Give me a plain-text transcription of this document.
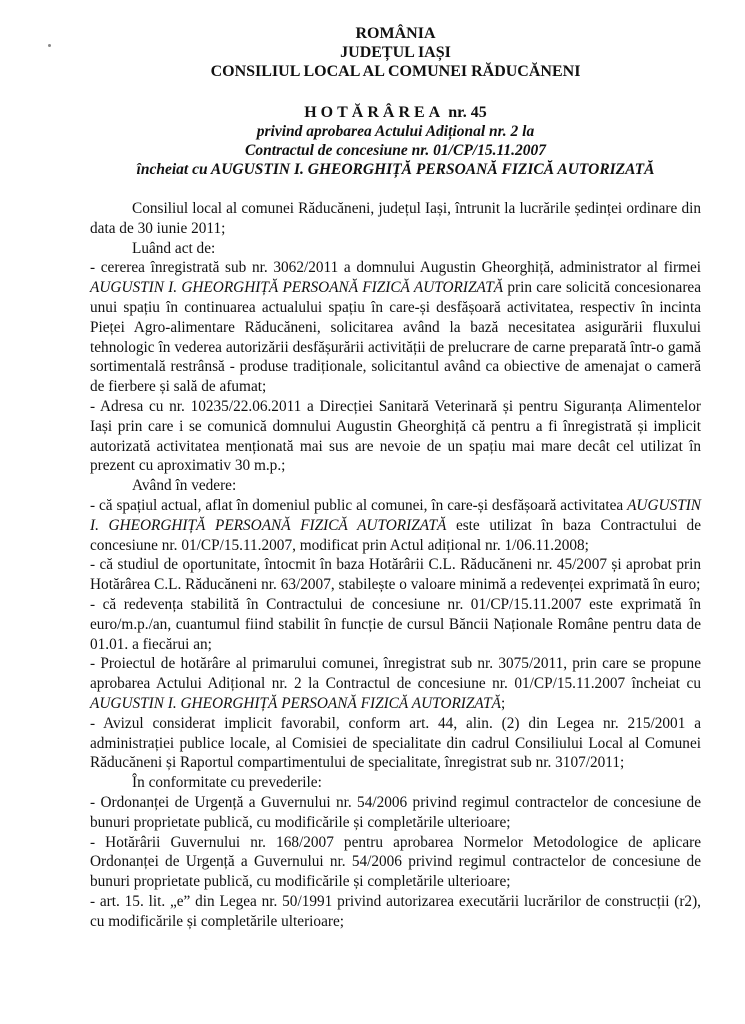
ROMÂNIA
JUDEȚUL IAȘI
CONSILIUL LOCAL AL COMUNEI RĂDUCĂNENI
HOTĂRÂREA nr. 45
privind aprobarea Actului Adițional nr. 2 la
Contractul de concesiune nr. 01/CP/15.11.2007
încheiat cu AUGUSTIN I. GHEORGHIȚĂ PERSOANĂ FIZICĂ AUTORIZATĂ

Consiliul local al comunei Răducăneni, județul Iași, întrunit la lucrările ședinței ordinare din data de 30 iunie 2011;

Luând act de:

- cererea înregistrată sub nr. 3062/2011 a domnului Augustin Gheorghiță, administrator al firmei AUGUSTIN I. GHEORGHIȚĂ PERSOANĂ FIZICĂ AUTORIZATĂ prin care solicită concesionarea unui spațiu în continuarea actualului spațiu în care-și desfășoară activitatea, respectiv în incinta Pieței Agro-alimentare Răducăneni, solicitarea având la bază necesitatea asigurării fluxului tehnologic în vederea autorizării desfășurării activității de prelucrare de carne preparată într-o gamă sortimentală restrânsă - produse tradiționale, solicitantul având ca obiective de amenajat o cameră de fierbere și sală de afumat;

- Adresa cu nr. 10235/22.06.2011 a Direcției Sanitară Veterinară și pentru Siguranța Alimentelor Iași prin care i se comunică domnului Augustin Gheorghiță că pentru a fi înregistrată și implicit autorizată activitatea menționată mai sus are nevoie de un spațiu mai mare decât cel utilizat în prezent cu aproximativ 30 m.p.;

Având în vedere:

- că spațiul actual, aflat în domeniul public al comunei, în care-și desfășoară activitatea AUGUSTIN I. GHEORGHIȚĂ PERSOANĂ FIZICĂ AUTORIZATĂ este utilizat în baza Contractului de concesiune nr. 01/CP/15.11.2007, modificat prin Actul adițional nr. 1/06.11.2008;

- că studiul de oportunitate, întocmit în baza Hotărârii C.L. Răducăneni nr. 45/2007 și aprobat prin Hotărârea C.L. Răducăneni nr. 63/2007, stabilește o valoare minimă a redevenței exprimată în euro;

- că redevența stabilită în Contractului de concesiune nr. 01/CP/15.11.2007 este exprimată în euro/m.p./an, cuantumul fiind stabilit în funcție de cursul Băncii Naționale Române pentru data de 01.01. a fiecărui an;

- Proiectul de hotărâre al primarului comunei, înregistrat sub nr. 3075/2011, prin care se propune aprobarea Actului Adițional nr. 2 la Contractul de concesiune nr. 01/CP/15.11.2007 încheiat cu AUGUSTIN I. GHEORGHIȚĂ PERSOANĂ FIZICĂ AUTORIZATĂ;

- Avizul considerat implicit favorabil, conform art. 44, alin. (2) din Legea nr. 215/2001 a administrației publice locale, al Comisiei de specialitate din cadrul Consiliului Local al Comunei Răducăneni și Raportul compartimentului de specialitate, înregistrat sub nr. 3107/2011;

În conformitate cu prevederile:

- Ordonanței de Urgență a Guvernului nr. 54/2006 privind regimul contractelor de concesiune de bunuri proprietate publică, cu modificările și completările ulterioare;

- Hotărârii Guvernului nr. 168/2007 pentru aprobarea Normelor Metodologice de aplicare Ordonanței de Urgență a Guvernului nr. 54/2006 privind regimul contractelor de concesiune de bunuri proprietate publică, cu modificările și completările ulterioare;

- art. 15. lit. „e” din Legea nr. 50/1991 privind autorizarea executării lucrărilor de construcții (r2), cu modificările și completările ulterioare;
